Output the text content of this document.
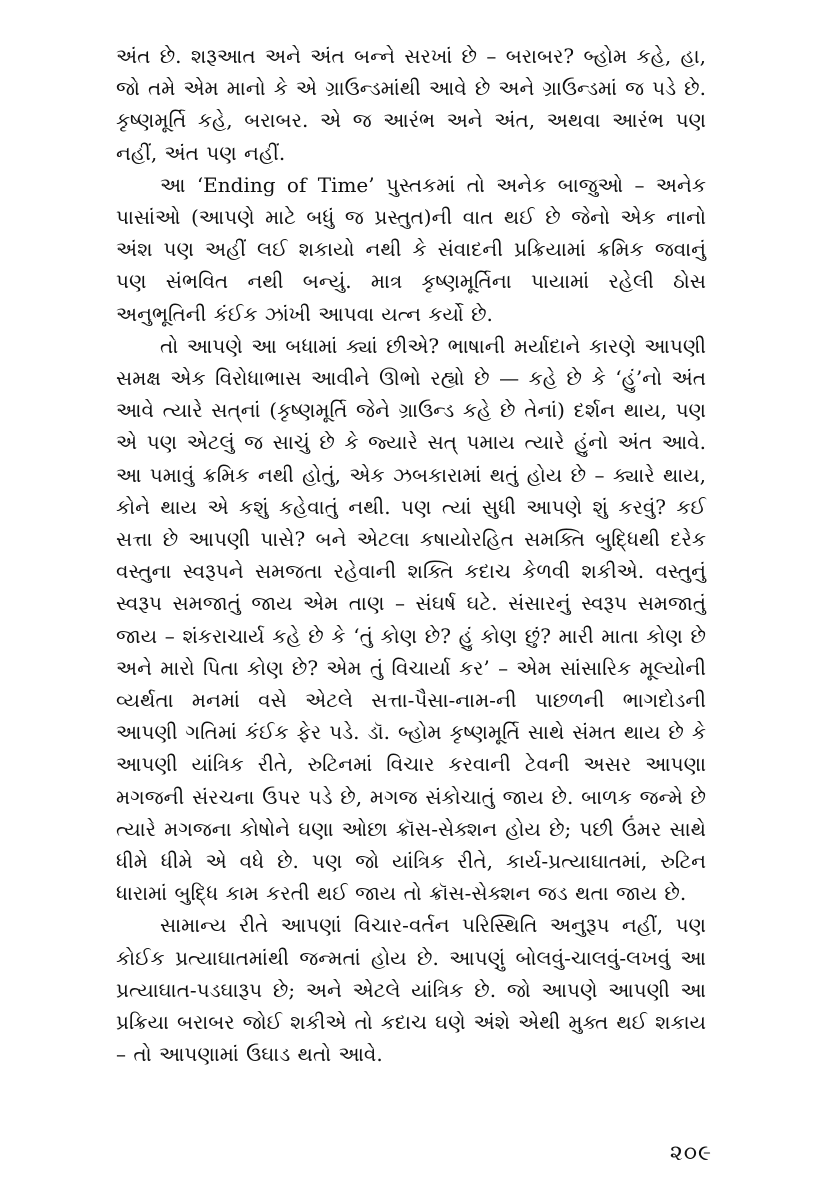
અંત છે. શરૂઆત અને અંત બન્ને સરખાં છે – બરાબર? બ્હોમ કહે, હા, જો તમે એમ માનો કે એ ગ્રાઉન્ડમાંથી આવે છે અને ગ્રાઉન્ડમાં જ પડે છે. કૃષ્ણમૂર્તિ કહે, બરાબર. એ જ આરંભ અને અંત, અથવા આરંભ પણ નહીં, અંત પણ નહીં.

આ ‘Ending of Time’ પુસ્તકમાં તો અનેક બાજુઓ – અનેક પાસાંઓ (આપણે માટે બધું જ પ્રસ્તુત)ની વાત થઈ છે જેનો એક નાનો અંશ પણ અહીં લઈ શકાયો નથી કે સંવાદની પ્રક્રિયામાં ક્રમિક જવાનું પણ સંભવિત નથી બન્યું. માત્ર કૃષ્ણમૂર્તિના પાયામાં રહેલી ઠોસ અનુભૂતિની કંઈક ઝાંખી આપવા યત્ન કર્યો છે.

તો આપણે આ બધામાં ક્યાં છીએ? ભાષાની મર્યાદાને કારણે આપણી સમક્ષ એક વિરોધાભાસ આવીને ઊભો રહ્યો છે — કહે છે કે ‘હું’નો અંત આવે ત્યારે સત્‌નાં (કૃષ્ણમૂર્તિ જેને ગ્રાઉન્ડ કહે છે તેનાં) દર્શન થાય, પણ એ પણ એટલું જ સાચું છે કે જ્યારે સત્‌ પમાય ત્યારે હુંનો અંત આવે. આ પમાવું ક્રમિક નથી હોતું, એક ઝબકારામાં થતું હોય છે – ક્યારે થાય, કોને થાય એ કશું કહેવાતું નથી. પણ ત્યાં સુધી આપણે શું કરવું? કઈ સત્તા છે આપણી પાસે? બને એટલા કષાયોરહિત સમક્તિ બુદ્ધિથી દરેક વસ્તુના સ્વરૂપને સમજતા રહેવાની શક્તિ કદાચ કેળવી શકીએ. વસ્તુનું સ્વરૂપ સમજાતું જાય એમ તાણ – સંઘર્ષ ઘટે. સંસારનું સ્વરૂપ સમજાતું જાય – શંકરાચાર્ય કહે છે કે ‘તું કોણ છે? હું કોણ છું? મારી માતા કોણ છે અને મારો પિતા કોણ છે? એમ તું વિચાર્યા કર’ – એમ સાંસારિક મૂલ્યોની વ્યર્થતા મનમાં વસે એટલે સત્તા-પૈસા-નામ-ની પાછળની ભાગદોડની આપણી ગતિમાં કંઈક ફેર પડે. ડૉ. બ્હોમ કૃષ્ણમૂર્તિ સાથે સંમત થાય છે કે આપણી યાંત્રિક રીતે, રુટિનમાં વિચાર કરવાની ટેવની અસર આપણા મગજની સંરચના ઉપર પડે છે, મગજ સંકોચાતું જાય છે. બાળક જન્મે છે ત્યારે મગજના કોષોને ઘણા ઓછા ક્રૉસ-સેક્શન હોય છે; પછી ઉંમર સાથે ધીમે ધીમે એ વધે છે. પણ જો યાંત્રિક રીતે, કાર્ય-પ્રત્યાઘાતમાં, રુટિન ધારામાં બુદ્ધિ કામ કરતી થઈ જાય તો ક્રૉસ-સેક્શન જડ થતા જાય છે.

સામાન્ય રીતે આપણાં વિચાર-વર્તન પરિસ્થિતિ અનુરૂપ નહીં, પણ કોઈક પ્રત્યાઘાતમાંથી જન્મતાં હોય છે. આપણું બોલવું-ચાલવું-લખવું આ પ્રત્યાઘાત-પડઘારૂપ છે; અને એટલે યાંત્રિક છે. જો આપણે આપણી આ પ્રક્રિયા બરાબર જોઈ શકીએ તો કદાચ ઘણે અંશે એથી મુક્ત થઈ શકાય – તો આપણામાં ઉઘાડ થતો આવે.

૨૦૯
